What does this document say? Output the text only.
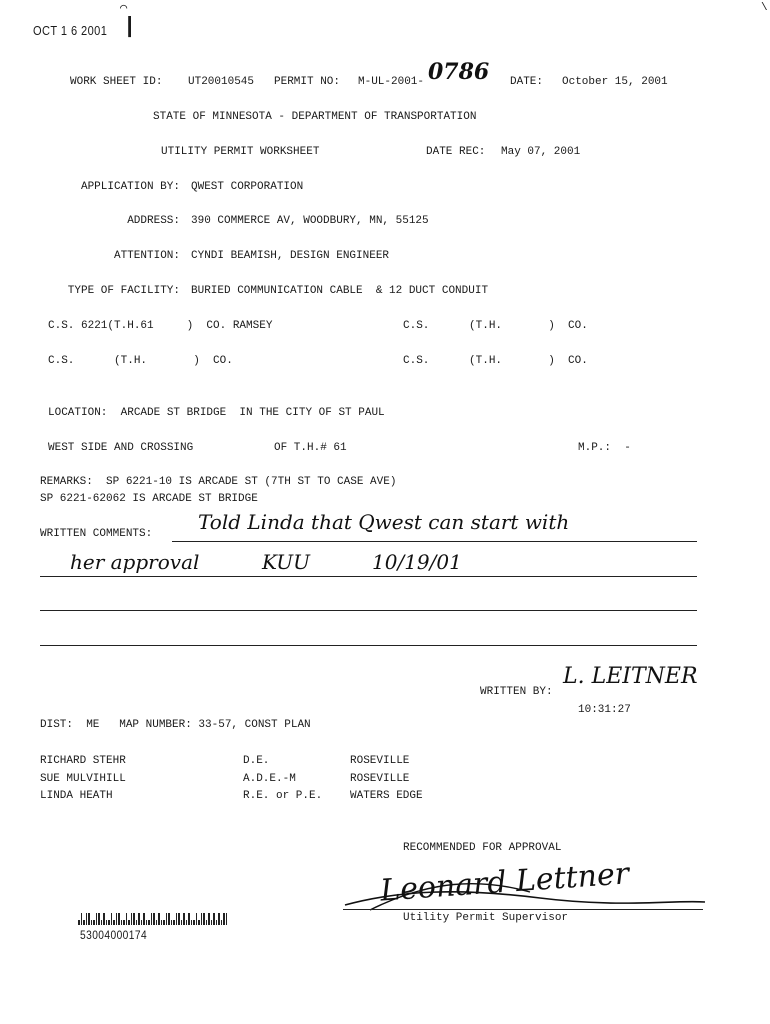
OCT 1 6 2001 |
⌒	\
WORK SHEET ID: UT20010545 PERMIT NO: M-UL-2001- 0786 DATE: October 15, 2001
STATE OF MINNESOTA - DEPARTMENT OF TRANSPORTATION
UTILITY PERMIT WORKSHEET	DATE REC: May 07, 2001
APPLICATION BY: QWEST CORPORATION
ADDRESS: 390 COMMERCE AV, WOODBURY, MN, 55125
ATTENTION: CYNDI BEAMISH, DESIGN ENGINEER
TYPE OF FACILITY: BURIED COMMUNICATION CABLE  & 12 DUCT CONDUIT
C.S. 6221(T.H.61     )  CO. RAMSEY	C.S.      (T.H.       )  CO.
C.S.      (T.H.       )  CO.	C.S.      (T.H.       )  CO.
LOCATION:  ARCADE ST BRIDGE  IN THE CITY OF ST PAUL
WEST SIDE AND CROSSING	OF T.H.# 61	M.P.:  -
REMARKS:  SP 6221-10 IS ARCADE ST (7TH ST TO CASE AVE)
SP 6221-62062 IS ARCADE ST BRIDGE
WRITTEN COMMENTS: Told Linda that Qwest can start with
her approval	KUU	10/19/01
WRITTEN BY:
L. LEITNER
10:31:27
DIST:  ME   MAP NUMBER: 33-57, CONST PLAN
RICHARD STEHR	D.E.	ROSEVILLE
SUE MULVIHILL	A.D.E.-M	ROSEVILLE
LINDA HEATH	R.E. or P.E.	WATERS EDGE
RECOMMENDED FOR APPROVAL
Leonard Lettner
Utility Permit Supervisor
53004000174
